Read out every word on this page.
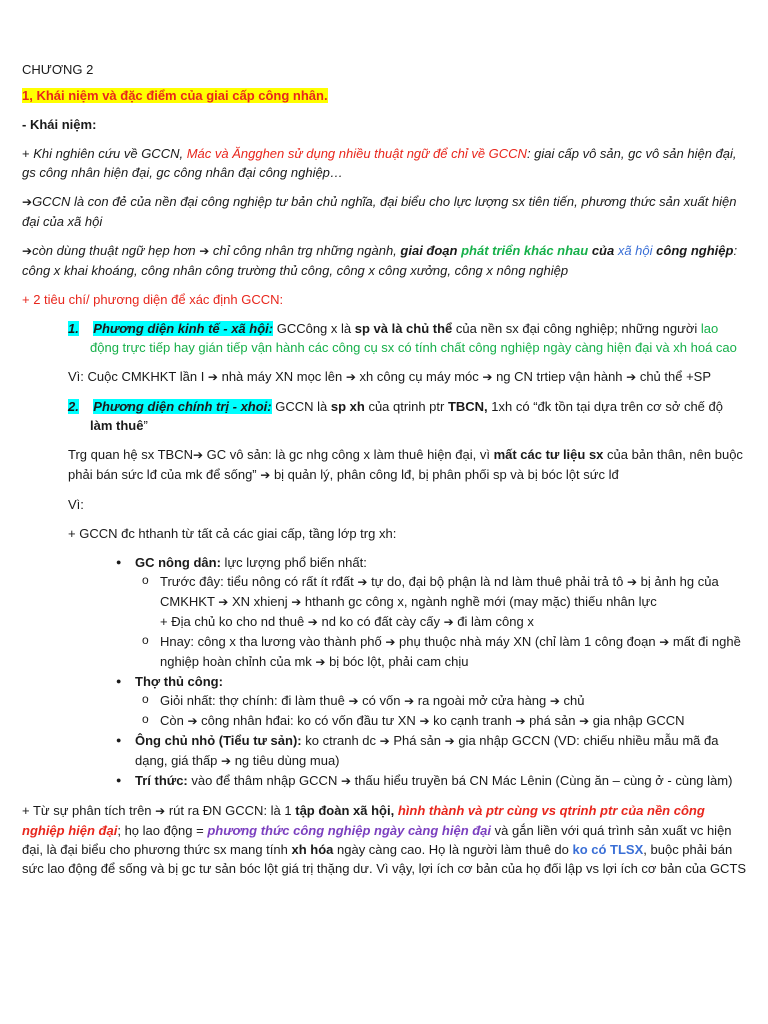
CHƯƠNG 2

1, Khái niệm và đặc điểm của giai cấp công nhân.

- Khái niệm:

+ Khi nghiên cứu về GCCN, Mác và Ăngghen sử dụng nhiều thuật ngữ để chỉ về GCCN: giai cấp vô sản, gc vô sản hiện đại, gs công nhân hiện đại, gc công nhân đại công nghiệp…

➔GCCN là con đẻ của nền đại công nghiệp tư bản chủ nghĩa, đại biểu cho lực lượng sx tiên tiến, phương thức sản xuất hiện đại của xã hội

➔còn dùng thuật ngữ hẹp hơn ➔ chỉ công nhân trg những ngành, giai đoạn phát triển khác nhau của xã hội công nghiệp: công x khai khoáng, công nhân công trường thủ công, công x công xưởng, công x nông nghiệp

+ 2 tiêu chí/ phương diện để xác định GCCN:

1. Phương diện kinh tế - xã hội: GCCông x là sp và là chủ thể của nền sx đại công nghiệp; những người lao động trực tiếp hay gián tiếp vận hành các công cụ sx có tính chất công nghiệp ngày càng hiện đại và xh hoá cao

Vì: Cuộc CMKHKT lần I ➔ nhà máy XN mọc lên ➔ xh công cụ máy móc ➔ ng CN trtiep vận hành ➔ chủ thể +SP

2. Phương diện chính trị - xhoi: GCCN là sp xh của qtrinh ptr TBCN, 1xh có “đk tồn tại dựa trên cơ sở chế độ làm thuê”

Trg quan hệ sx TBCN➔ GC vô sản: là gc nhg công x làm thuê hiện đại, vì mất các tư liệu sx của bản thân, nên buộc phải bán sức lđ của mk để sống” ➔ bị quản lý, phân công lđ, bị phân phối sp và bị bóc lột sức lđ

Vì:

+ GCCN đc hthanh từ tất cả các giai cấp, tầng lớp trg xh:

● GC nông dân: lực lượng phổ biến nhất:
o Trước đây: tiểu nông có rất ít rđất ➔ tự do, đại bộ phận là nd làm thuê phải trả tô ➔ bị ảnh hg của CMKHKT ➔ XN xhienj ➔ hthanh gc công x, ngành nghề mới (may mặc) thiếu nhân lực
+ Địa chủ ko cho nd thuê ➔ nd ko có đất cày cấy ➔ đi làm công x
o Hnay: công x tha lương vào thành phố ➔ phụ thuộc nhà máy XN (chỉ làm 1 công đoạn ➔ mất đi nghề nghiệp hoàn chỉnh của mk ➔ bị bóc lột, phải cam chịu
● Thợ thủ công:
o Giỏi nhất: thợ chính: đi làm thuê ➔ có vốn ➔ ra ngoài mở cửa hàng ➔ chủ
o Còn ➔ công nhân hđai: ko có vốn đầu tư XN ➔ ko cạnh tranh ➔ phá sản ➔ gia nhập GCCN
● Ông chủ nhỏ (Tiểu tư sản): ko ctranh dc ➔ Phá sản ➔ gia nhập GCCN (VD: chiếu nhiều mẫu mã đa dạng, giá thấp ➔ ng tiêu dùng mua)
● Trí thức: vào để thâm nhập GCCN ➔ thấu hiểu truyền bá CN Mác Lênin (Cùng ăn – cùng ở - cùng làm)

+ Từ sự phân tích trên ➔ rút ra ĐN GCCN: là 1 tập đoàn xã hội, hình thành và ptr cùng vs qtrinh ptr của nền công nghiệp hiện đại; họ lao động = phương thức công nghiệp ngày càng hiện đại và gắn liền với quá trình sản xuất vc hiện đại, là đại biểu cho phương thức sx mang tính xh hóa ngày càng cao. Họ là người làm thuê do ko có TLSX, buộc phải bán sức lao động để sống và bị gc tư sản bóc lột giá trị thặng dư. Vì vậy, lợi ích cơ bản của họ đối lập vs lợi ích cơ bản của GCTS
